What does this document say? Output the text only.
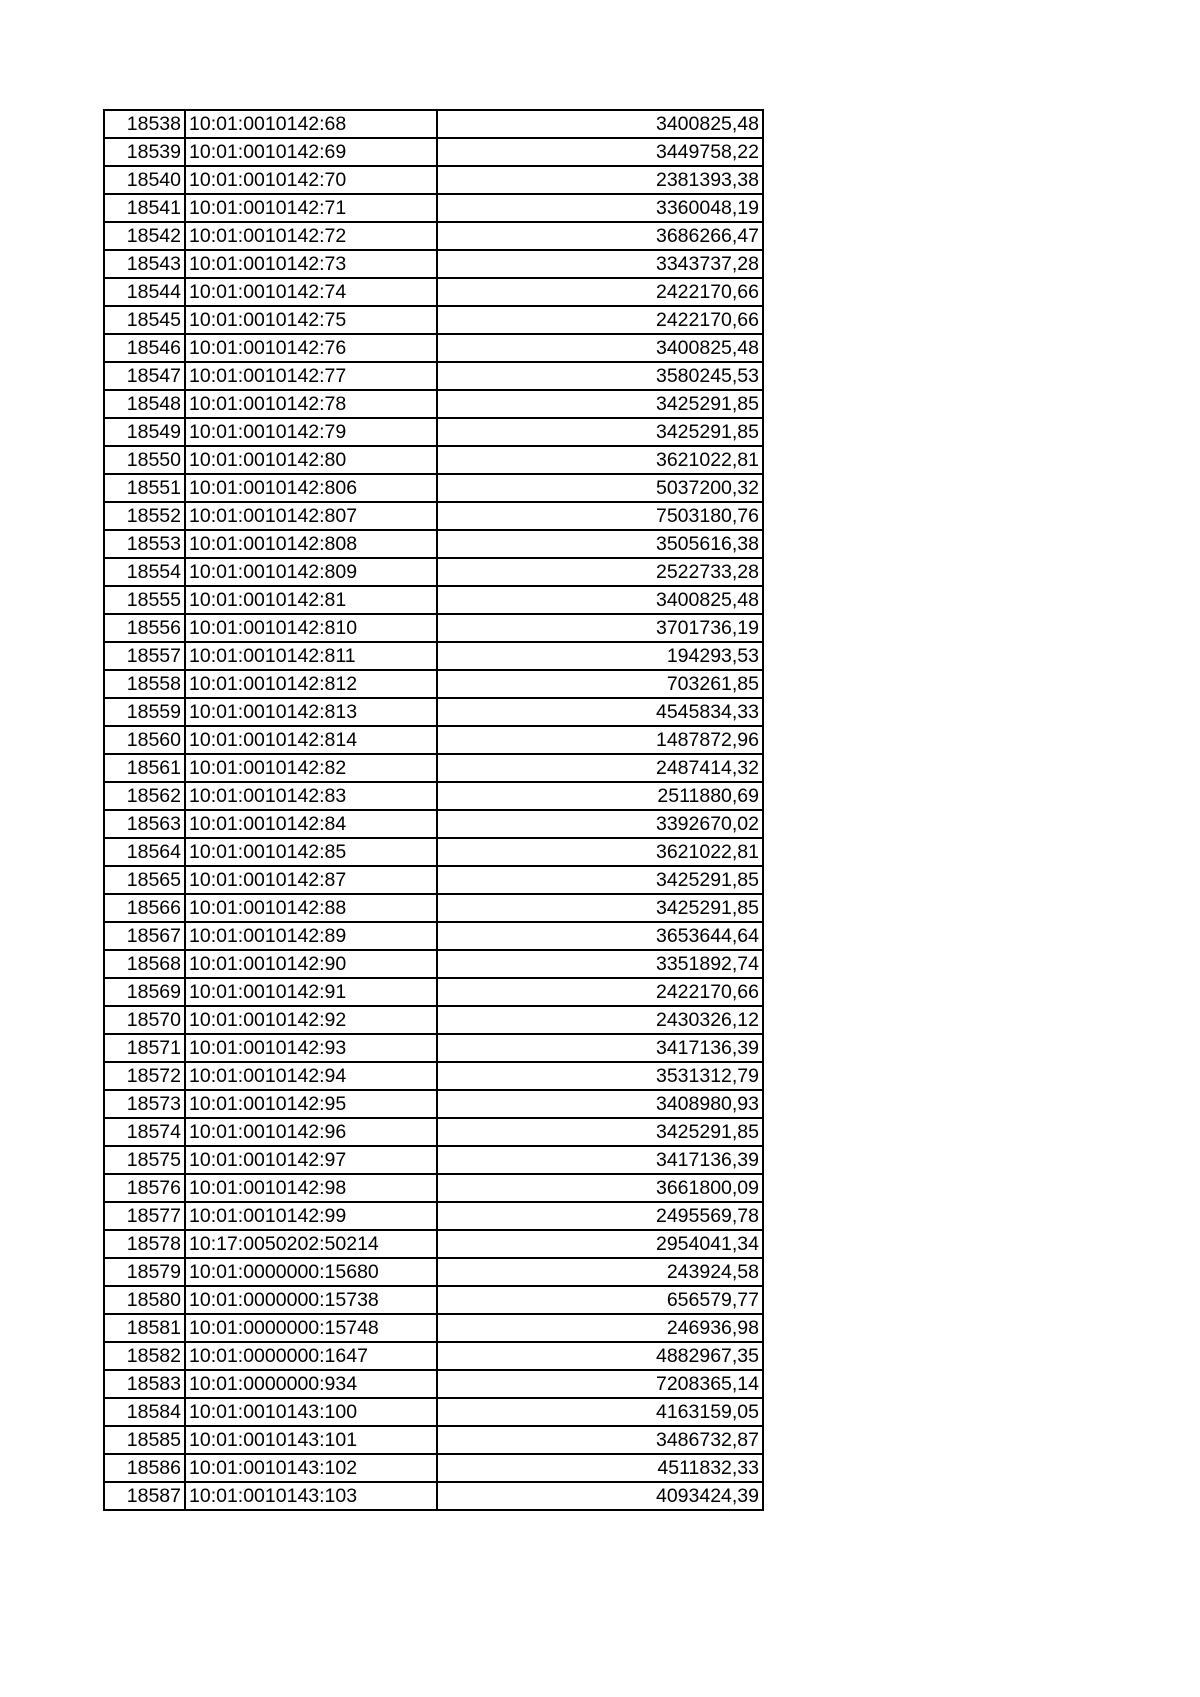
18538	10:01:0010142:68	3400825,48
18539	10:01:0010142:69	3449758,22
18540	10:01:0010142:70	2381393,38
18541	10:01:0010142:71	3360048,19
18542	10:01:0010142:72	3686266,47
18543	10:01:0010142:73	3343737,28
18544	10:01:0010142:74	2422170,66
18545	10:01:0010142:75	2422170,66
18546	10:01:0010142:76	3400825,48
18547	10:01:0010142:77	3580245,53
18548	10:01:0010142:78	3425291,85
18549	10:01:0010142:79	3425291,85
18550	10:01:0010142:80	3621022,81
18551	10:01:0010142:806	5037200,32
18552	10:01:0010142:807	7503180,76
18553	10:01:0010142:808	3505616,38
18554	10:01:0010142:809	2522733,28
18555	10:01:0010142:81	3400825,48
18556	10:01:0010142:810	3701736,19
18557	10:01:0010142:811	194293,53
18558	10:01:0010142:812	703261,85
18559	10:01:0010142:813	4545834,33
18560	10:01:0010142:814	1487872,96
18561	10:01:0010142:82	2487414,32
18562	10:01:0010142:83	2511880,69
18563	10:01:0010142:84	3392670,02
18564	10:01:0010142:85	3621022,81
18565	10:01:0010142:87	3425291,85
18566	10:01:0010142:88	3425291,85
18567	10:01:0010142:89	3653644,64
18568	10:01:0010142:90	3351892,74
18569	10:01:0010142:91	2422170,66
18570	10:01:0010142:92	2430326,12
18571	10:01:0010142:93	3417136,39
18572	10:01:0010142:94	3531312,79
18573	10:01:0010142:95	3408980,93
18574	10:01:0010142:96	3425291,85
18575	10:01:0010142:97	3417136,39
18576	10:01:0010142:98	3661800,09
18577	10:01:0010142:99	2495569,78
18578	10:17:0050202:50214	2954041,34
18579	10:01:0000000:15680	243924,58
18580	10:01:0000000:15738	656579,77
18581	10:01:0000000:15748	246936,98
18582	10:01:0000000:1647	4882967,35
18583	10:01:0000000:934	7208365,14
18584	10:01:0010143:100	4163159,05
18585	10:01:0010143:101	3486732,87
18586	10:01:0010143:102	4511832,33
18587	10:01:0010143:103	4093424,39
